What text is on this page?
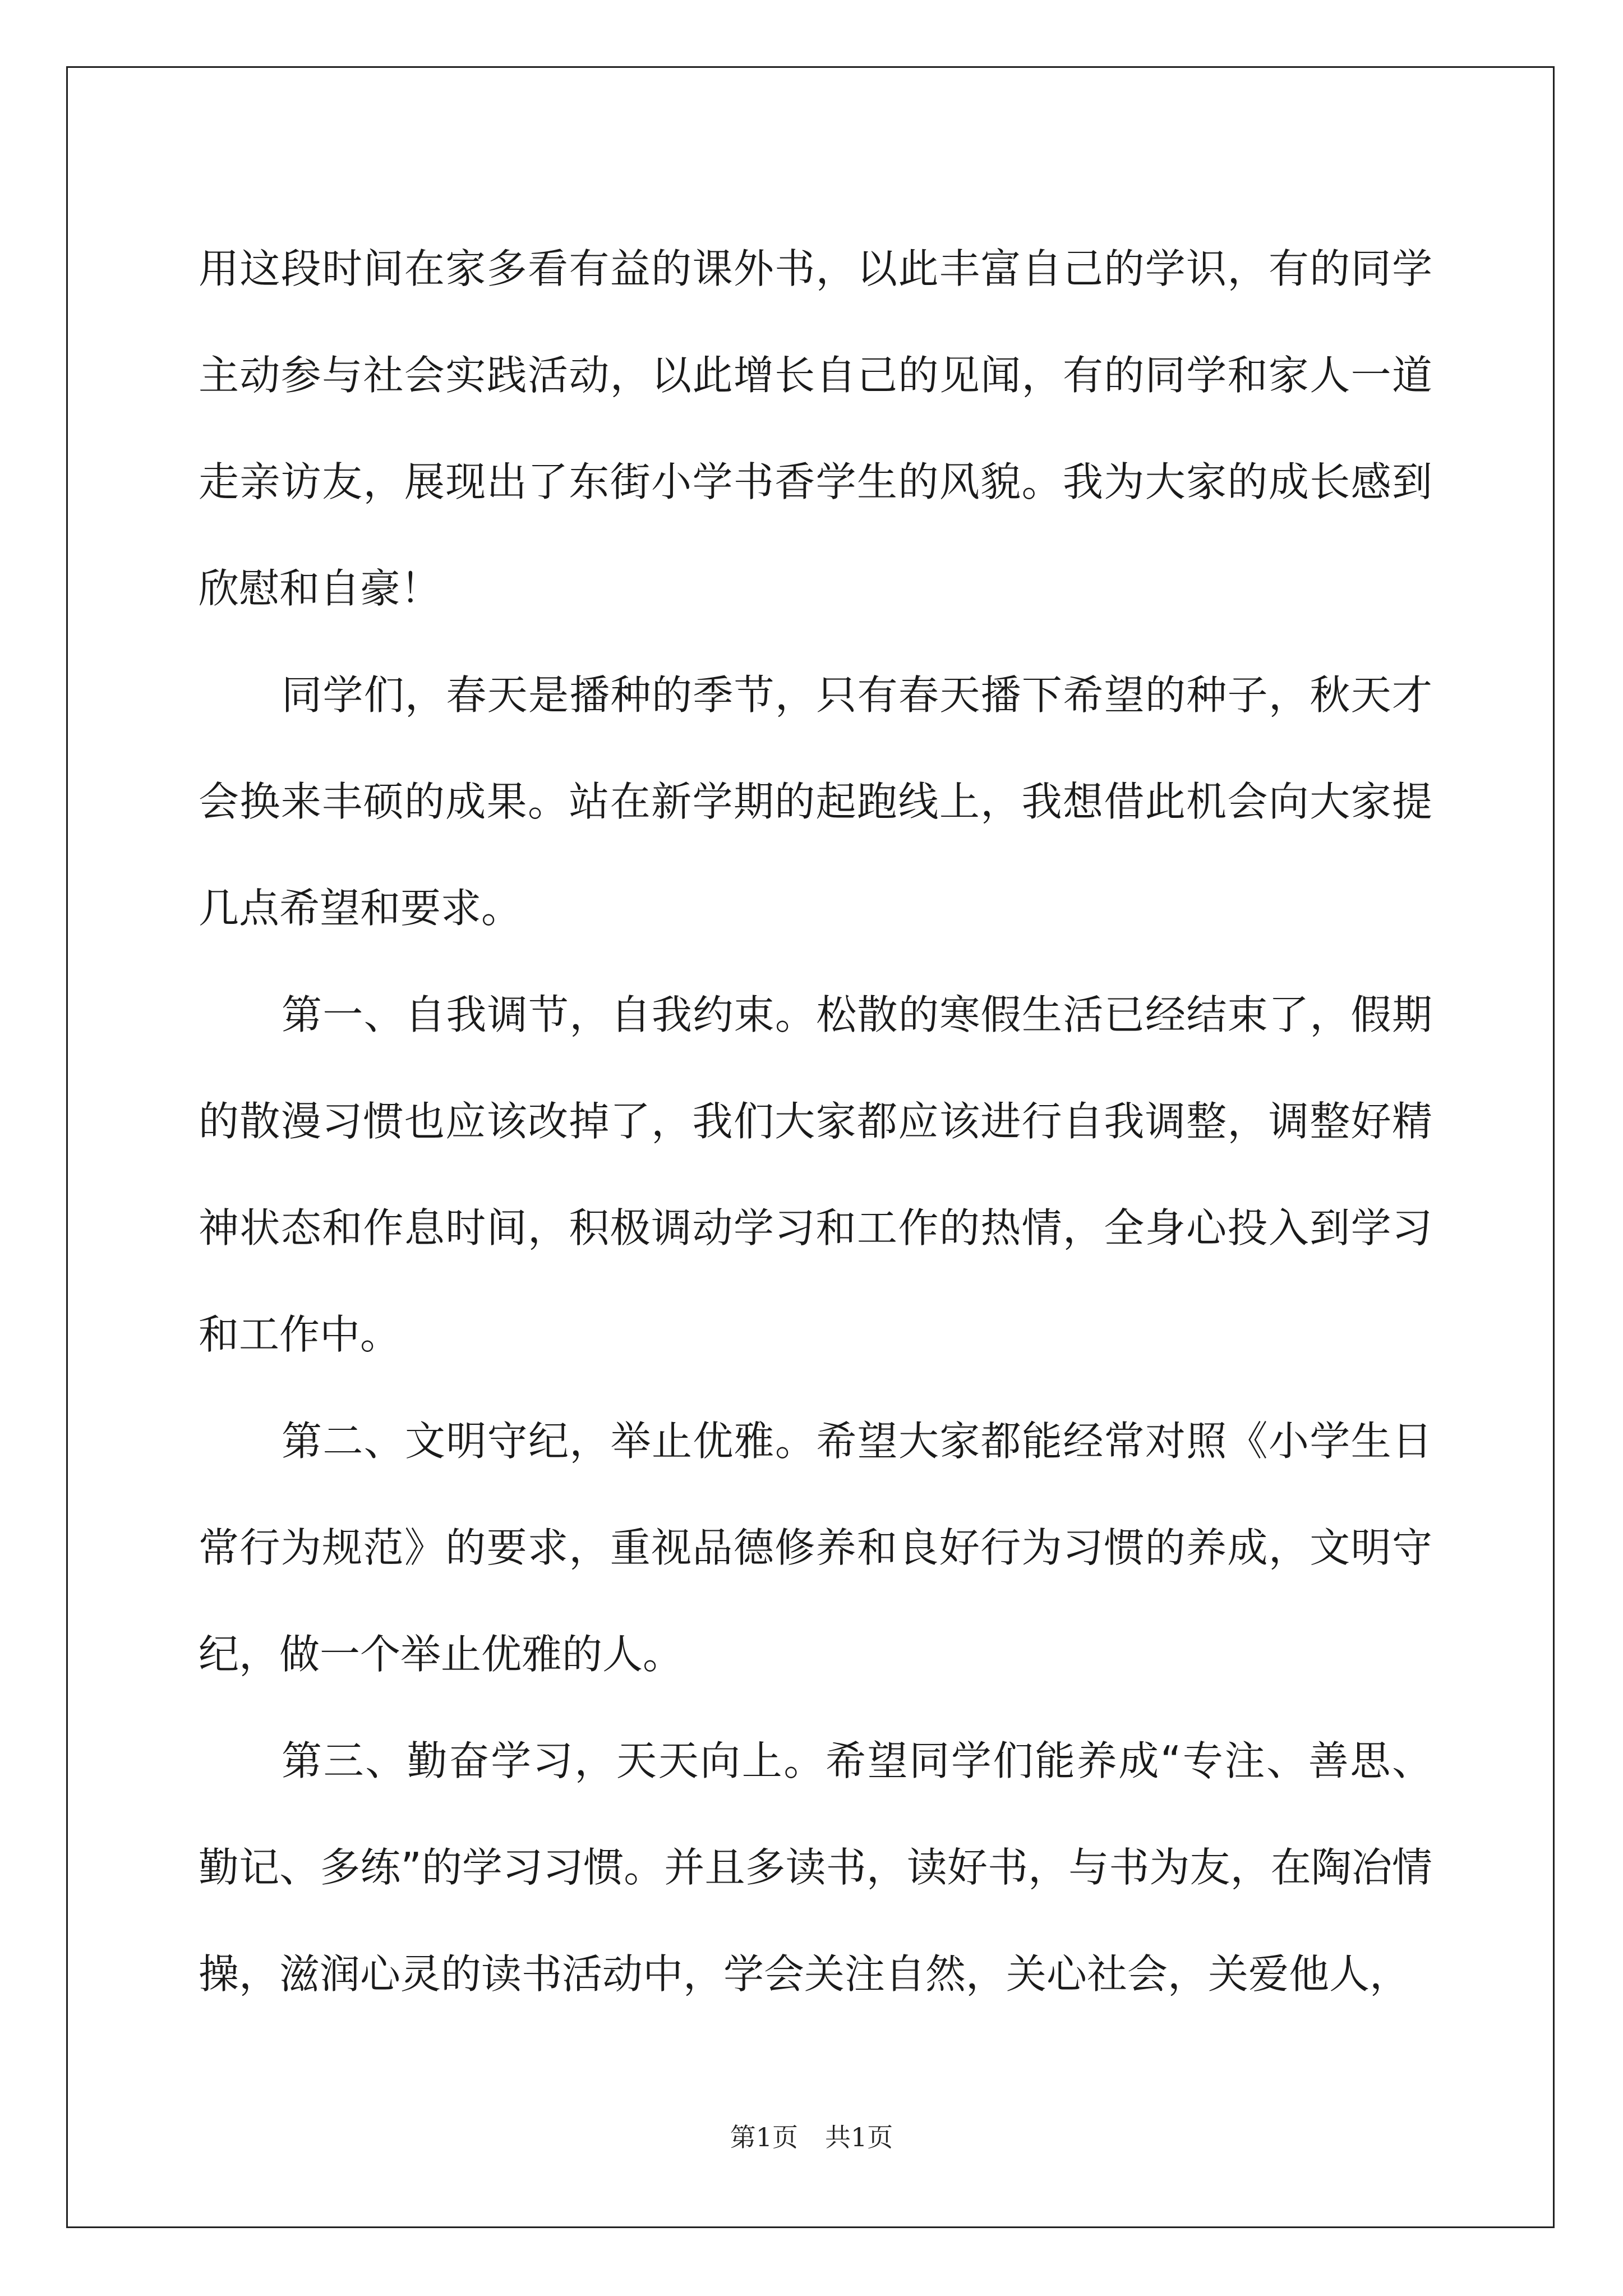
用这段时间在家多看有益的课外书，以此丰富自己的学识，有的同学主动参与社会实践活动，以此增长自己的见闻，有的同学和家人一道走亲访友，展现出了东街小学书香学生的风貌。我为大家的成长感到欣慰和自豪！

同学们，春天是播种的季节，只有春天播下希望的种子，秋天才会换来丰硕的成果。站在新学期的起跑线上，我想借此机会向大家提几点希望和要求。

第一、自我调节，自我约束。松散的寒假生活已经结束了，假期的散漫习惯也应该改掉了，我们大家都应该进行自我调整，调整好精神状态和作息时间，积极调动学习和工作的热情，全身心投入到学习和工作中。

第二、文明守纪，举止优雅。希望大家都能经常对照《小学生日常行为规范》的要求，重视品德修养和良好行为习惯的养成，文明守纪，做一个举止优雅的人。

第三、勤奋学习，天天向上。希望同学们能养成“专注、善思、勤记、多练”的学习习惯。并且多读书，读好书，与书为友，在陶冶情操，滋润心灵的读书活动中，学会关注自然，关心社会，关爱他人，

第1页 共1页
